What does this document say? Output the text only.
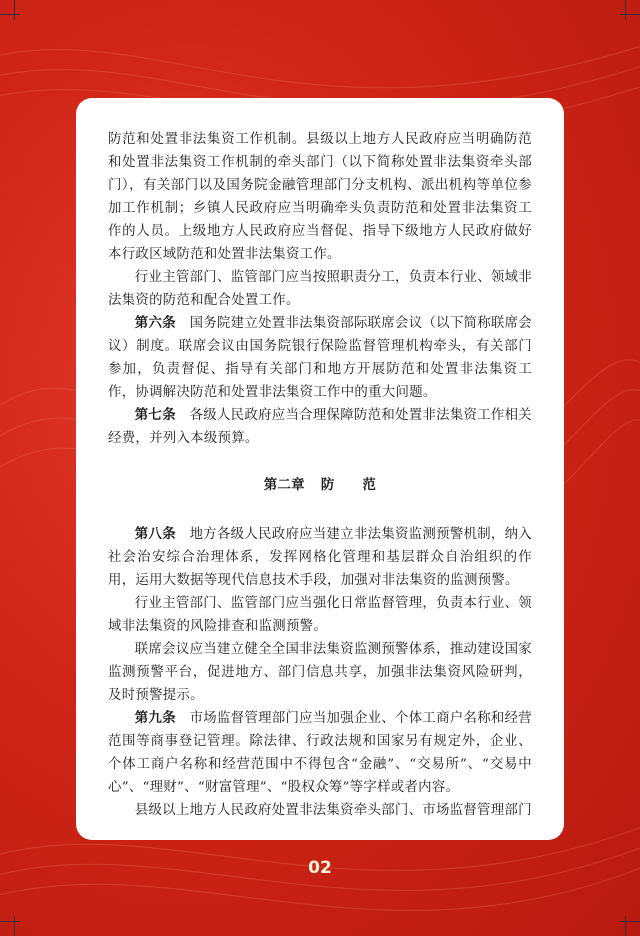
防范和处置非法集资工作机制。县级以上地方人民政府应当明确防范和处置非法集资工作机制的牵头部门（以下简称处置非法集资牵头部门），有关部门以及国务院金融管理部门分支机构、派出机构等单位参加工作机制；乡镇人民政府应当明确牵头负责防范和处置非法集资工作的人员。上级地方人民政府应当督促、指导下级地方人民政府做好本行政区域防范和处置非法集资工作。

行业主管部门、监管部门应当按照职责分工，负责本行业、领域非法集资的防范和配合处置工作。

第六条　 国务院建立处置非法集资部际联席会议（以下简称联席会议）制度。联席会议由国务院银行保险监督管理机构牵头，有关部门参加，负责督促、指导有关部门和地方开展防范和处置非法集资工作，协调解决防范和处置非法集资工作中的重大问题。

第七条　 各级人民政府应当合理保障防范和处置非法集资工作相关经费，并列入本级预算。

第二章 防 范

第八条　 地方各级人民政府应当建立非法集资监测预警机制，纳入社会治安综合治理体系，发挥网格化管理和基层群众自治组织的作用，运用大数据等现代信息技术手段，加强对非法集资的监测预警。

行业主管部门、监管部门应当强化日常监督管理，负责本行业、领域非法集资的风险排查和监测预警。

联席会议应当建立健全全国非法集资监测预警体系，推动建设国家监测预警平台，促进地方、部门信息共享，加强非法集资风险研判，及时预警提示。

第九条　 市场监督管理部门应当加强企业、个体工商户名称和经营范围等商事登记管理。除法律、行政法规和国家另有规定外，企业、个体工商户名称和经营范围中不得包含“金融”、“交易所”、“交易中心”、“理财”、“财富管理”、“股权众筹”等字样或者内容。

县级以上地方人民政府处置非法集资牵头部门、市场监督管理部门

02
